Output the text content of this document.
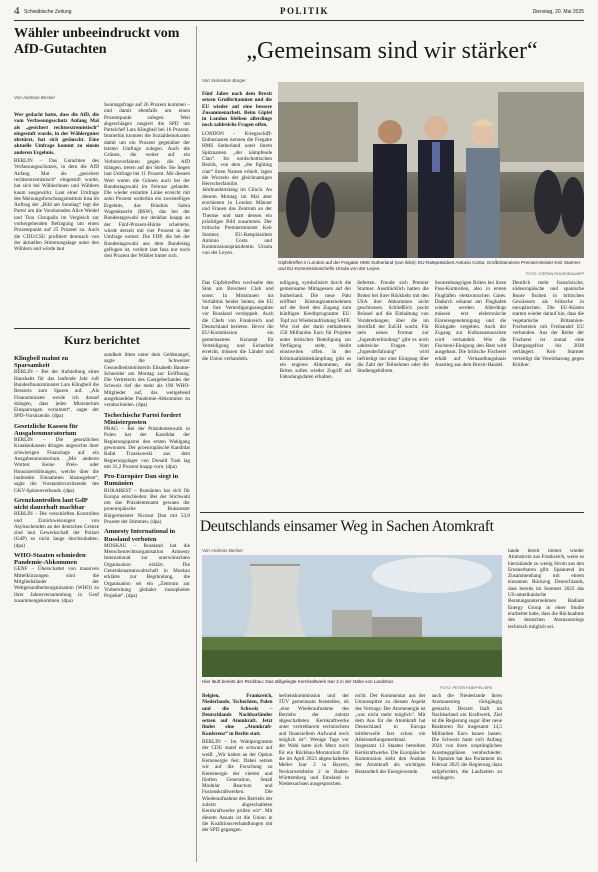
4 Schwäbische Zeitung	POLITIK	Dienstag, 20. Mai 2025
Wähler unbeeindruckt vom AfD-Gutachten
Von Andreas Becker

Wer gedacht hatte, dass die AfD, die vom Verfassungsschutz Anfang Mai als „gesichert rechtsextremistisch“ eingestuft wurde, in der Wählergunst abstürzt, hat sich getäuscht. Eine aktuelle Umfrage kommt zu einem anderen Ergebnis.

BERLIN – Das Gutachten des Verfassungsschutzes, in dem die AfD Anfang Mai als „gesichert rechtsextremistisch“ eingestuft wurde, hat sich bei Wählerinnen und Wählern kaum ausgewirkt. Laut einer Umfrage des Meinungsforschungsinstituts Insa im Auftrag der „Bild am Sonntag“ legt die Partei um die Vorsitzenden Alice Weidel und Tino Chrupalla im Vergleich zur vorhergehenden Befragung um einen Prozentpunkt auf 25 Prozent zu. Auch die CDU/CSU profitiert demnach von der aktuellen Stimmungslage unter den Wählern und würde laut

Sonntagsfrage auf 26 Prozent kommen – und damit ebenfalls um einen Prozentpunkt zulegen. Weit abgeschlagen rangiert die SPD um Parteichef Lars Klingbeil bei 16 Prozent. Immerhin konnten die Sozialdemokraten damit um ein Prozent gegenüber der letzten Umfrage zulegen. Auch die Grünen, die weiter auf ein Verbotsverfahren gegen die AfD drängen, treten auf der Stelle. Sie liegen laut Umfrage bei 11 Prozent. Mit diesem Wert waren die Grünen auch bei der Bundestagswahl im Februar gelandet. Die wieder erstarkte Linke erreicht mit zehn Prozent weiterhin ein zweistelliges Ergebnis, das Bündnis Sahra Wagenknecht (BSW), das bei der Bundestagswahl nur denkbar knapp an der Fünf-Prozent-Hürde scheiterte, würde derzeit mit vier Prozent in der Umfrage notiert. Die FDP, die bei der Bundestagswahl aus dem Bundestag geflogen ist, verliert laut Insa nur noch drei Prozent der Wähler hinter sich.

Kurz berichtet
Klingbeil mahnt zu Sparsamkeit

BERLIN – Bei der Aufstellung eines Haushalts für das laufende Jahr ruft Bundesfinanzminister Lars Klingbeil die Ressorts zum Sparen auf. „Als Finanzminister werde ich darauf drängen, dass jedes Ministerium Einsparungen vornimmt“, sagte der SPD-Vorsitzende. (dpa)

Gesetzliche Kassen für Ausgabenmoratorium

BERLIN – Die gesetzlichen Krankenkassen dringen angesichts ihrer schwierigen Finanzlage auf ein Ausgabenmoratorium. „Mir anderen Worten: Keine Preis- oder Honorarerhöhungen, welche über die laufenden Einnahmen hinausgehen“, sagte die Vorstandsvorsitzende des GKV-Spitzenverbands. (dpa)

Grenzkontrollen laut GdP nicht dauerhaft machbar

BERLIN – Die verschärften Kontrollen und Zurückweisungen von Asylsuchenden an der deutschen Grenze sind laut Gewerkschaft der Polizei (GdP) so nicht lange durchzuhalten. (dpa)

WHO-Staaten schmieden Pandemie-Abkommen

GENF – Überschattet von massiven Mittelkürzungen sind die Mitgliedsländer der Weltgesundheitsorganisation (WHO) zu ihrer Jahresversammlung in Genf zusammengekommen. (dpa)

sundheit litten unter dem Geldmangel, sagte die Schweizer Gesundheitsministerin Elisabeth Baume-Schneider am Montag zur Eröffnung. Die Vertreterin des Gastgeberlandes der Schweiz rief die mehr als 190 WHO-Mitglieder auf, das weitgehend ausgehandelte Pandemie-Abkommen zu verabschieden. (dpa)

Tschechische Partei fordert Ministerposten

PRAG – Bei der Präsidentenwahl in Polen hat der Kandidat der Regierungspartei den ersten Wahlgang gewonnen. Der proeuropäische Kandidat Rafał Trzaskowski aus dem Regierungslager von Donald Tusk lag mit 31,2 Prozent knapp vorn. (dpa)

Pro-Europäer Dan siegt in Rumänien

BUKAREST – Rumänien hat sich für Europa entschieden: Bei der Stichwahl um das Präsidentenamt gewann der proeuropäische Bukarester Bürgermeister Nicusor Dan mit 53,8 Prozent der Stimmen. (dpa)

Amnesty International in Russland verboten

MOSKAU – Russland hat die Menschenrechtsorganisation Amnesty International zur unerwünschten Organisation erklärt. Die Generalstaatsanwaltschaft in Moskau erklärte zur Begründung, die Organisation sei ein „Zentrum zur Vorbereitung globaler russophober Projekte“. (dpa)

„Gemeinsam sind wir stärker“
Von Sebastian Borger

Fünf Jahre nach dem Brexit setzen Großbritannien und die EU wieder auf eine bessere Zusammenarbeit. Beim Gipfel in London bleiben allerdings noch zahlreiche Fragen offen.

LONDON – Kriegsschiff-Enthusiasten kennen die Fregatte HMS Sutherland unter ihrem Spitznamen „der kämpfende Clan“. Im nordschottischen Bezirk, von dem „the fighting clan“ ihren Namen erhielt, lagen die Wurzeln der gleichnamigen Herrscherfamilie. Jahrhundertelang im Clinch. An diesem Montag im Mai aber erschienen in London Männer und Frauen das Zentrum an der Themse und statt dessen ein prächtiges Bild zusammen. Der britische Premierminister Keir Starmer, EU-Ratspräsident António Costa und Kommissionspräsidentin Ursula von der Leyen.

Gipfeltreffen in London auf der Fregatte HMS Sutherland (von links): EU-Ratspräsident Antonio Costa, Großbritanniens Premierminister Keir Starmer und EU-Kommissionschefin Ursula von der Leyen.
FOTO: STEFAN ROUSSEAU/AFP

Das Gipfeltreffen wechselte den Sinn am Brexiteer Club und sonst: In Misstrauen ins Verhältnis beider Seiten, die EU hat ihre Verteidigungsausgaben vor Russland verdoppelt. Auch die Chefs von Frankreich und Deutschland berieten. Bevor die EU-Kommission ein gemeinsames Konzept für Verteidigung und Sicherheit erreicht, müssen die Länder und die Union verhandeln.

tolligung, symbolisiert durch die gemeinsame Mittagessen auf der Sutherland. Die neue Pakt eröffnet Rüstungsunternehmen auf der Insel den Zugang zum künftigen Kreditprogramm EU-Topf zur Wiederaufrüstung SAFE. Wie viel der darin enthaltenen 150 Milliarden Euro für Projekte unter britischer Beteiligung zur Verfügung steht, bleibt einstweilen offen. In der Kriminalitätsbekämpfung gibt es ein engeres Abkommen, die Briten sollen wieder Zugriff auf Fahndungsdaten erhalten.

lieferten. Freude sich Premier Starmer. Ausdrücklich hatten die Briten bei ihrer Rückkehr mit den USA ihre Abkommen nicht geschlossen. Schließlich pocht Brüssel auf die Einhaltung von Verabredungen, über die im Streitfall der EuGH wacht. Für nein neues Format zur „Jugendverbindung“ gibt es noch zahlreiche Fragen. Vom „Jugenderfahrung“ wird befriedigt nur eine Einigung über die Zahl der Teilnehmer oder die Studiengebühren.

Sonnenhungrigen Briten bei ihren Pass-Kontrollen, also in ersten Flughäfen elektronischen Gates. Dadurch erkannt am Flughafen wieder werden. Allerdings müssen erst elektronische Einreisegenehmigung und die Rückgabe vergeben. Auch der Zugang zur Kulturaustauschen wird verhandelt. Wie die Fischerei-Einigung den Rest wird ausgebaut. Die britische Fischerei erhält auf Verhandlungsbasis Ausstieg aus dem Brexit-Handel.

Deutlich mehr französische, südeuropäische und spanische Boote fischen in britischen Gewässern als britische in europäischen. Die EU-Küsten starten wieder darauf hin, dass die vegetarische Britannien-Fischereien mit Freihandel EU verbunden. Aus der Reihe der Fischerei ist zumal eine Übergangsfrist bis 2038 verlängert. Keir Starmer verteidigt die Vereinbarung gegen Kritiker.

Deutschlands einsamer Weg in Sachen Atomkraft
Von Andreas Becker
Hier läuft bereits der Rückbau: Das stillgelegte Kernkraftwerk Isar 2 in der Nähe von Landshut.
FOTO: PETER KNEFFEL/DPA

Belgien, Frankreich, Niederlande, Tschechien, Polen und die Schweiz – Deutschlands Nachbarländer setzen auf Atomkraft. Jetzt findet eine „Atomkraft-Konferenz“ in Berlin statt.

BERLIN – Im Wahlprogramm der CDU stand es schwarz auf weiß: „Wir halten an der Option Kernenergie fest. Dabei setzen wir auf die Forschung zu Kernenergie der vierten und fünften Generation, Small Modular Reactors und Fusionskraftwerken. Die Wiederaufnahme des Betriebs der zuletzt abgeschalteten Kernkraftwerke prüfen wir“. Mit diesem Ansatz ist die Union in die Koalitionsverhandlungen mit der SPD gegangen.

herheitskommission und der TÜV gemeinsam feststellen, ob „eine Wiederaufnahme des Betriebs der zuletzt abgeschalteten Kernkraftwerke unter vertretbarem technischem und finanziellem Aufwand noch möglich ist“. Wenige Tage vor der Wahl hatte sich Merz noch für ein Rückbau-Moratorium für die im April 2023 abgeschalteten Meiler Isar 2 in Bayern, Neckarwestheim 2 in Baden-Württemberg und Emsland in Niedersachsen ausgesprochen.

nicht. Der Kommentar aus der Unionsspitze zu diesem Aspekt des Vertrags: Der Atomenergie ist „war nicht mehr möglich“. Mit dem Aus für die Atomkraft hat Deutschland in Europa mittlerweile fast schon ein Alleinstellungsmerkmal. Insgesamt 13 Staaten betreiben Kernkraftwerke. Die Europäische Kommission sieht den Ausbau der Atomkraft als wichtigen Bestandteil der Energiewende.

auch die Niederlande ihren Atomausstieg rückgängig gemacht. Derzeit läuft im Nachbarland ein Kraftwerk, Ziel ist die Regierung sogar über neue Reaktoren für insgesamt 14,5 Milliarden Euro bauen lassen. Die Schweiz hatte sich Anfang 2024 von ihren ursprünglichen Ausstiegsplänen verabschiedet. In Spanien hat das Parlament im Februar 2025 die Regierung dazu aufgefordert, die Laufzeiten zu verlängern.

lande bereit immer wieder Atomstrom aus Frankreich, wenn es hierzulande zu wenig Strom aus den Erneuerbaren gibt. Spannend im Zusammenhang mit einem einsamen Rückzug Deutschlands, dass bereits im Sommer 2023 das US-amerikanische Beratungsunternehmen Radiant Energy Group in einer Studie erarbeitet habe, dass die Rücknahme des deutschen Atomausstiegs technisch möglich sei.
